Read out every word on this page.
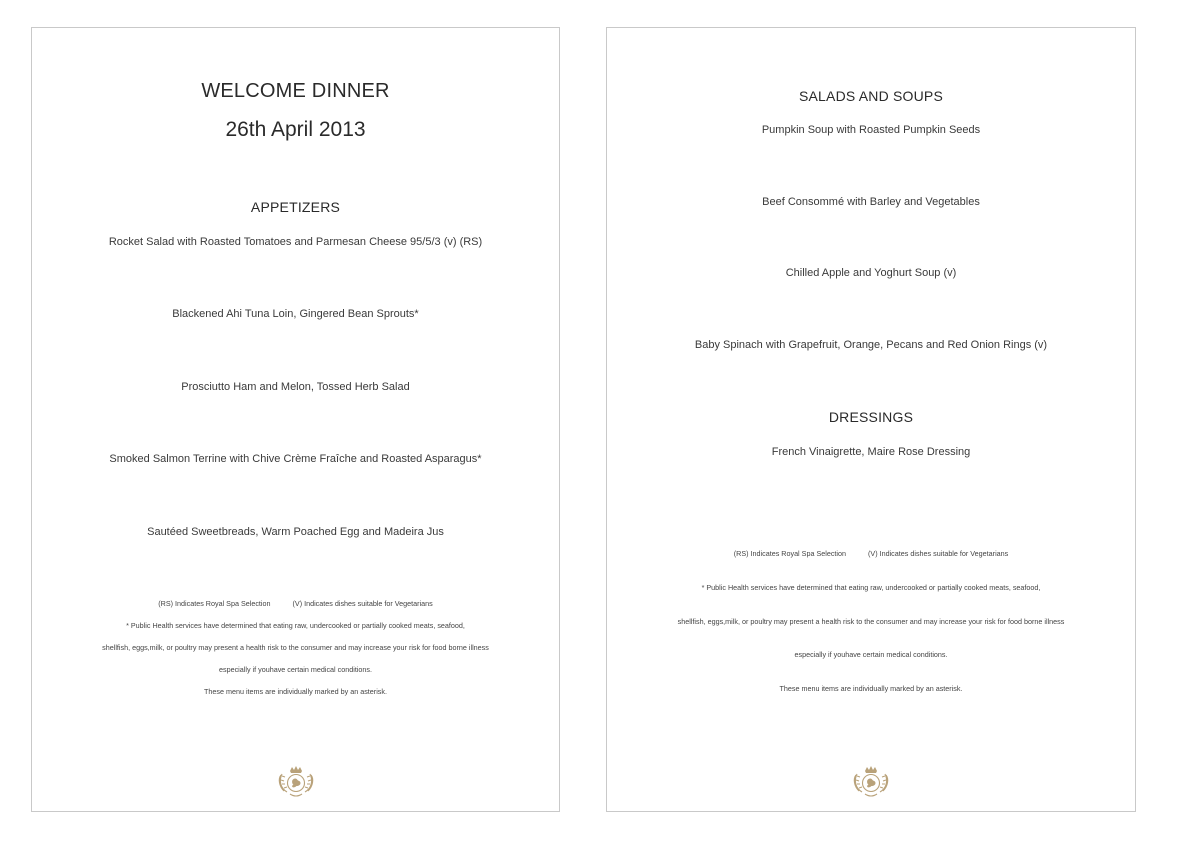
WELCOME DINNER
26th April 2013
APPETIZERS
Rocket Salad with Roasted Tomatoes and Parmesan Cheese 95/5/3 (v) (RS)
Blackened Ahi Tuna Loin, Gingered Bean Sprouts*
Prosciutto Ham and Melon, Tossed Herb Salad
Smoked Salmon Terrine with Chive Crème Fraîche and Roasted Asparagus*
Sautéed Sweetbreads, Warm Poached Egg and Madeira Jus
(RS) Indicates Royal Spa Selection	(V) Indicates dishes suitable for Vegetarians
* Public Health services have determined that eating raw, undercooked or partially cooked meats, seafood,
shellfish, eggs,milk, or poultry may present a health risk to the consumer and may increase your risk for food borne illness
especially if youhave certain medical conditions.
These menu items are individually marked by an asterisk.
SALADS AND SOUPS
Pumpkin Soup with Roasted Pumpkin Seeds
Beef Consommé with Barley and Vegetables
Chilled Apple and Yoghurt Soup (v)
Baby Spinach with Grapefruit, Orange, Pecans and Red Onion Rings (v)
DRESSINGS
French Vinaigrette, Maire Rose Dressing
(RS) Indicates Royal Spa Selection	(V) Indicates dishes suitable for Vegetarians
* Public Health services have determined that eating raw, undercooked or partially cooked meats, seafood,
shellfish, eggs,milk, or poultry may present a health risk to the consumer and may increase your risk for food borne illness
especially if youhave certain medical conditions.
These menu items are individually marked by an asterisk.
